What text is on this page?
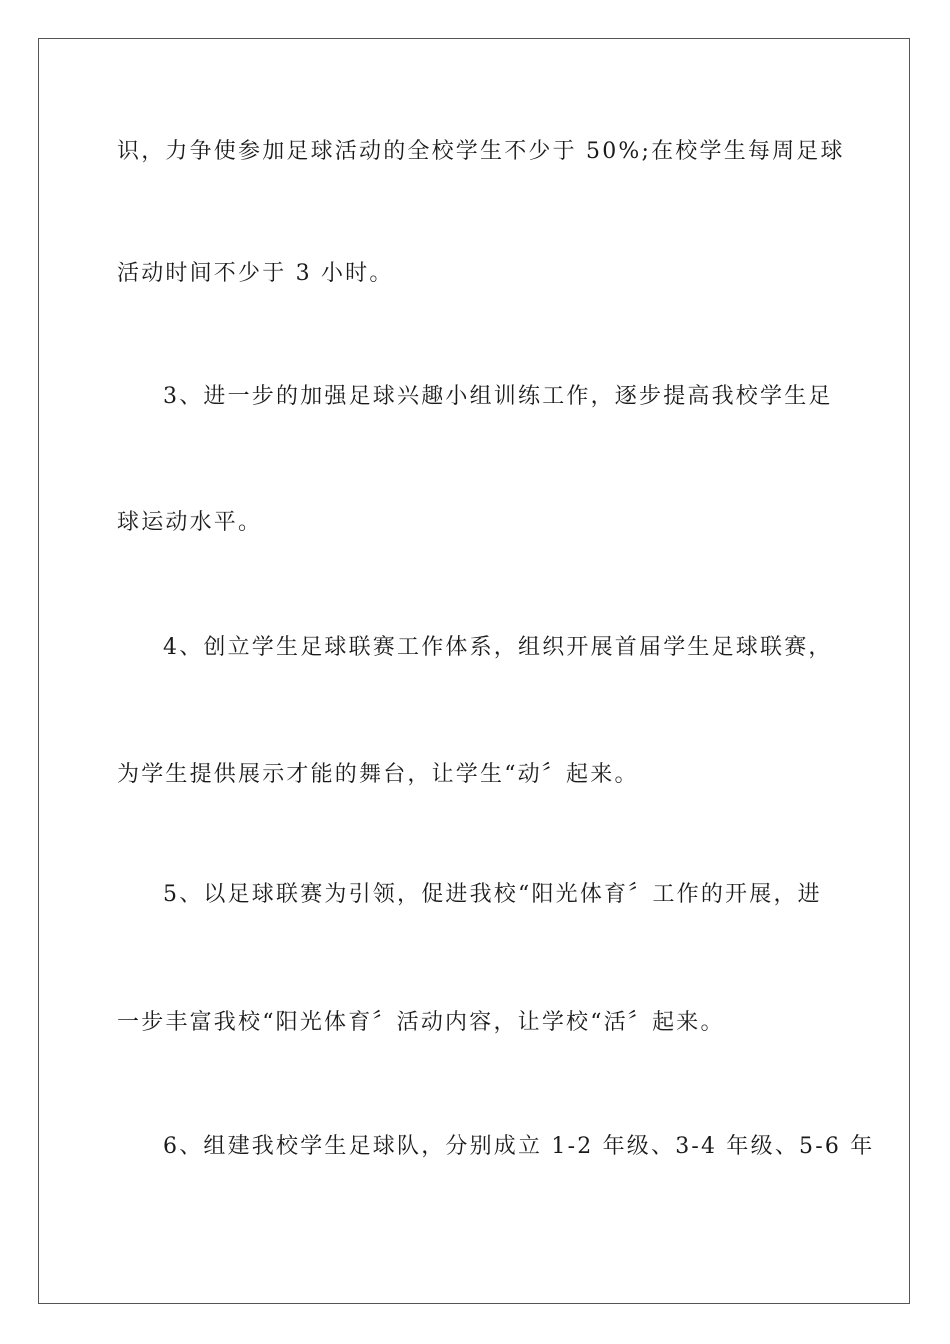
识，力争使参加足球活动的全校学生不少于 50%;在校学生每周足球
活动时间不少于 3 小时。
3、进一步的加强足球兴趣小组训练工作，逐步提高我校学生足
球运动水平。
4、创立学生足球联赛工作体系，组织开展首届学生足球联赛，
为学生提供展示才能的舞台，让学生“动〞起来。
5、以足球联赛为引领，促进我校“阳光体育〞工作的开展，进
一步丰富我校“阳光体育〞活动内容，让学校“活〞起来。
6、组建我校学生足球队，分别成立 1-2 年级、3-4 年级、5-6 年
